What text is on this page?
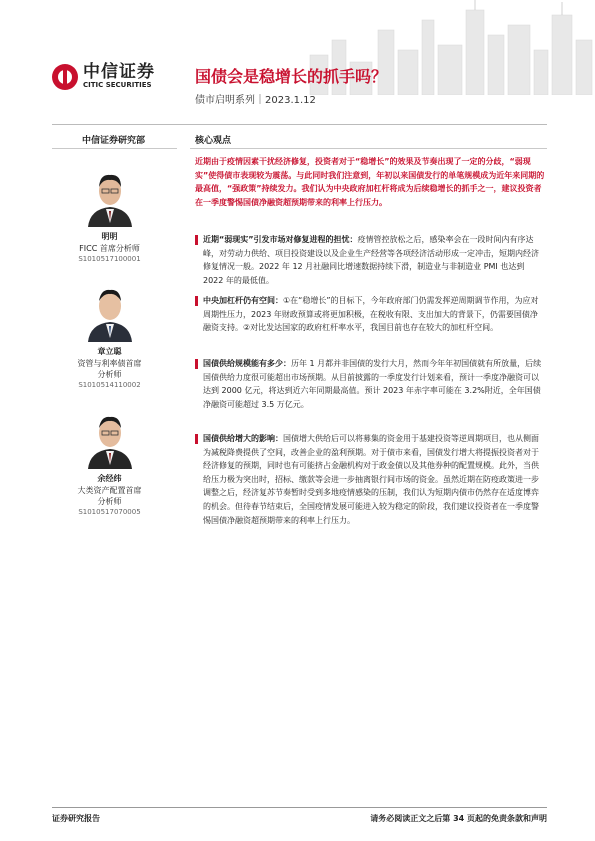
中信证券
CITIC SECURITIES	国债会是稳增长的抓手吗？
债市启明系列｜2023.1.12
中信证券研究部	核心观点
明明
FICC 首席分析师
S1010517100001
章立聪
资管与利率债首席
分析师
S1010514110002
余经纬
大类资产配置首席
分析师
S1010517070005

近期由于疫情因素干扰经济修复，投资者对于“稳增长”的效果及节奏出现了一定的分歧，“弱现实”使得债市表现较为震荡。与此同时我们注意到，年初以来国债发行的单笔规模成为近年来同期的最高值，“强政策”持续发力。我们认为中央政府加杠杆将成为后续稳增长的抓手之一，建议投资者在一季度警惕国债净融资超预期带来的利率上行压力。

近期“弱现实”引发市场对修复进程的担忧：疫情管控放松之后，感染率会在一段时间内有序达峰，对劳动力供给、项目投资建设以及企业生产经营等各项经济活动形成一定冲击，短期内经济修复情况一般。2022 年 12 月社融同比增速数据持续下滑，制造业与非制造业 PMI 也达到 2022 年的最低值。

中央加杠杆仍有空间：①在“稳增长”的目标下，今年政府部门仍需发挥逆周期调节作用，为应对周期性压力，2023 年财政预算或将更加积极，在税收有限、支出加大的背景下，仍需要国债净融资支持。②对比发达国家的政府杠杆率水平，我国目前也存在较大的加杠杆空间。

国债供给规模能有多少：历年 1 月都并非国债的发行大月，然而今年年初国债就有所放量，后续国债供给力度很可能超出市场预期。从目前披露的一季度发行计划来看，预计一季度净融资可以达到 2000 亿元，将达到近六年同期最高值。预计 2023 年赤字率可能在 3.2%附近，全年国债净融资可能超过 3.5 万亿元。

国债供给增大的影响：国债增大供给后可以将募集的资金用于基建投资等逆周期项目，也从侧面为减税降费提供了空间，改善企业的盈利预期。对于债市来看，国债发行增大将提振投资者对于经济修复的预期，同时也有可能挤占金融机构对于政金债以及其他券种的配置规模。此外，当供给压力极为突出时，招标、缴款等会进一步抽离银行间市场的资金。虽然近期在防疫政策进一步调整之后，经济复苏节奏暂时受到多地疫情感染的压制，我们认为短期内债市仍然存在适度博弈的机会。但待春节结束后，全国疫情发展可能进入较为稳定的阶段，我们建议投资者在一季度警惕国债净融资超预期带来的利率上行压力。

证券研究报告	请务必阅读正文之后第 34 页起的免责条款和声明
